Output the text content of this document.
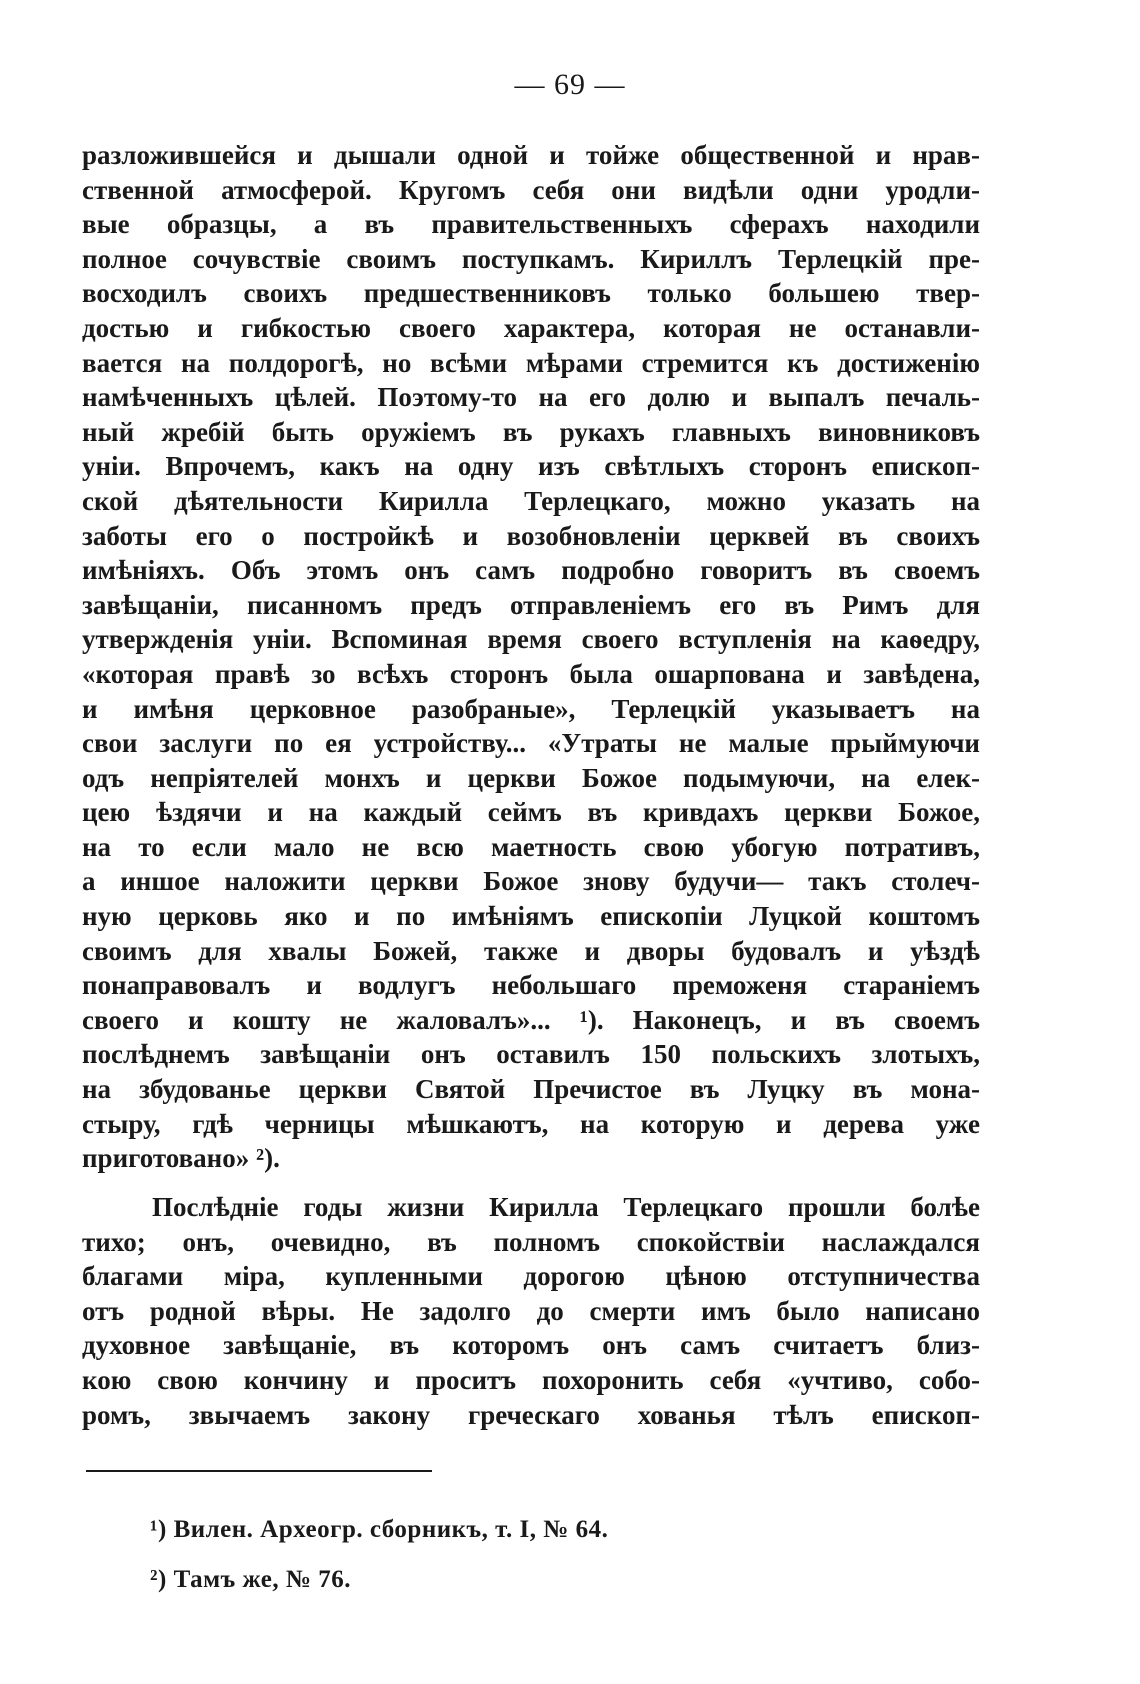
— 69 —
разложившейся и дышали одной и тойже общественной и нрав-
ственной атмосферой. Кругомъ себя они видѣли одни уродли-
вые образцы, а въ правительственныхъ сферахъ находили
полное сочувствіе своимъ поступкамъ. Кириллъ Терлецкій пре-
восходилъ своихъ предшественниковъ только большею твер-
достью и гибкостью своего характера, которая не останавли-
вается на полдорогѣ, но всѣми мѣрами стремится къ достиженію
намѣченныхъ цѣлей. Поэтому-то на его долю и выпалъ печаль-
ный жребій быть оружіемъ въ рукахъ главныхъ виновниковъ
уніи. Впрочемъ, какъ на одну изъ свѣтлыхъ сторонъ епископ-
ской дѣятельности Кирилла Терлецкаго, можно указать на
заботы его о постройкѣ и возобновленіи церквей въ своихъ
имѣніяхъ. Объ этомъ онъ самъ подробно говоритъ въ своемъ
завѣщаніи, писанномъ предъ отправленіемъ его въ Римъ для
утвержденія уніи. Вспоминая время своего вступленія на каѳедру,
«которая правѣ зо всѣхъ сторонъ была ошарпована и завѣдена,
и имѣня церковное разобраные», Терлецкій указываетъ на
свои заслуги по ея устройству... «Утраты не малые прыймуючи
одъ непріятелей монхъ и церкви Божое подымуючи, на елек-
цею ѣздячи и на каждый сеймъ въ кривдахъ церкви Божое,
на то если мало не всю маетность свою убогую потративъ,
а иншое наложити церкви Божое знову будучи— такъ столеч-
ную церковь яко и по имѣніямъ епископіи Луцкой коштомъ
своимъ для хвалы Божей, также и дворы будовалъ и уѣздѣ
понаправовалъ и водлугъ небольшаго преможеня стараніемъ
своего и кошту не жаловалъ»... ¹). Наконецъ, и въ своемъ
послѣднемъ завѣщаніи онъ оставилъ 150 польскихъ злотыхъ,
на збудованье церкви Святой Пречистое въ Луцку въ монa-
стыру, гдѣ черницы мѣшкаютъ, на которую и дерева уже
приготовано» ²).
Послѣдніе годы жизни Кирилла Терлецкаго прошли болѣе
тихо; онъ, очевидно, въ полномъ спокойствіи наслаждался
благами міра, купленными дорогою цѣною отступничества
отъ родной вѣры. Не задолго до смерти имъ было написано
духовное завѣщаніе, въ которомъ онъ самъ считаетъ близ-
кою свою кончину и проситъ похоронить себя «учтиво, собо-
ромъ, звычаемъ закону греческаго хованья тѣлъ епископ-
¹) Вилен. Археогр. сборникъ, т. I, № 64.
²) Тамъ же, № 76.
